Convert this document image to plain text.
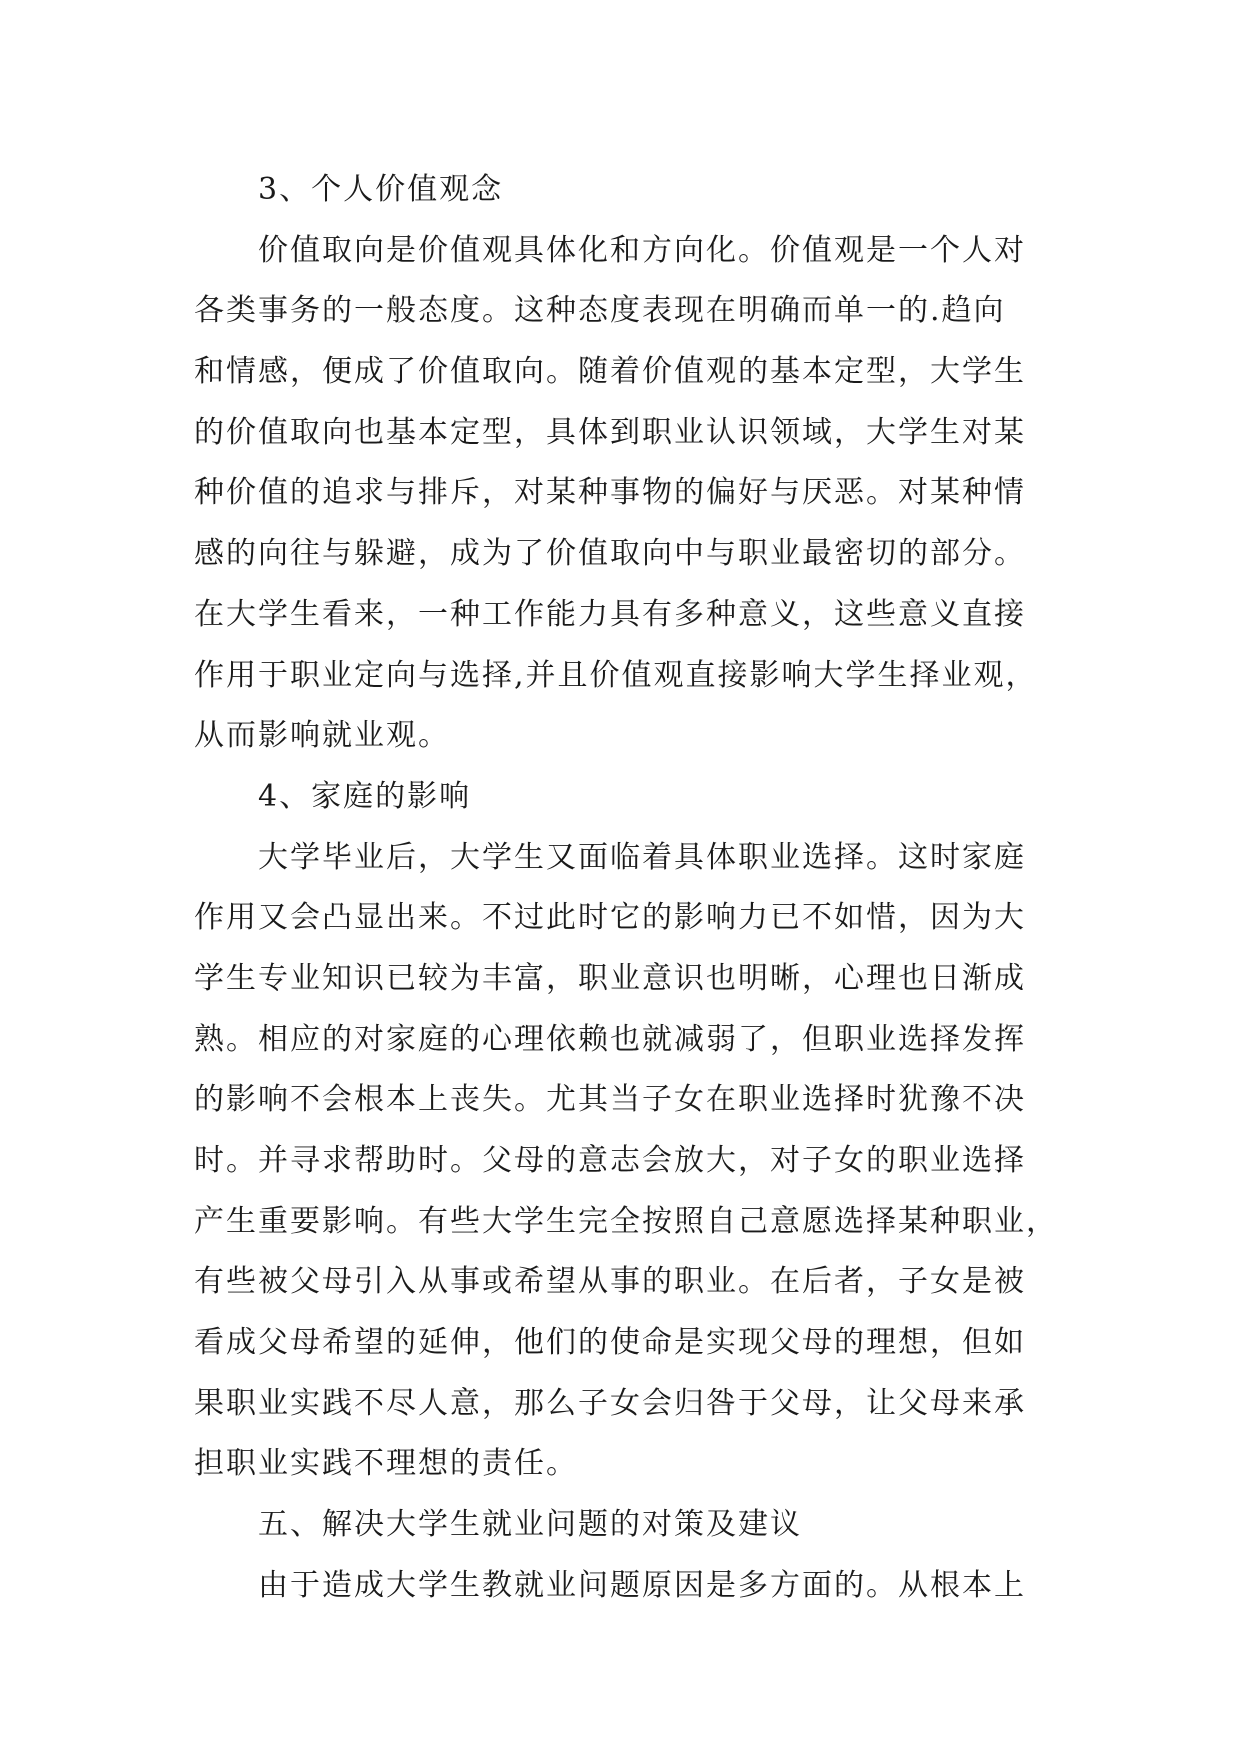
3、个人价值观念
价值取向是价值观具体化和方向化。价值观是一个人对
各类事务的一般态度。这种态度表现在明确而单一的.趋向
和情感，便成了价值取向。随着价值观的基本定型，大学生
的价值取向也基本定型，具体到职业认识领域，大学生对某
种价值的追求与排斥，对某种事物的偏好与厌恶。对某种情
感的向往与躲避，成为了价值取向中与职业最密切的部分。
在大学生看来，一种工作能力具有多种意义，这些意义直接
作用于职业定向与选择,并且价值观直接影响大学生择业观，
从而影响就业观。
4、家庭的影响
大学毕业后，大学生又面临着具体职业选择。这时家庭
作用又会凸显出来。不过此时它的影响力已不如惜，因为大
学生专业知识已较为丰富，职业意识也明晰，心理也日渐成
熟。相应的对家庭的心理依赖也就减弱了，但职业选择发挥
的影响不会根本上丧失。尤其当子女在职业选择时犹豫不决
时。并寻求帮助时。父母的意志会放大，对子女的职业选择
产生重要影响。有些大学生完全按照自己意愿选择某种职业，
有些被父母引入从事或希望从事的职业。在后者，子女是被
看成父母希望的延伸，他们的使命是实现父母的理想，但如
果职业实践不尽人意，那么子女会归咎于父母，让父母来承
担职业实践不理想的责任。
五、解决大学生就业问题的对策及建议
由于造成大学生教就业问题原因是多方面的。从根本上
